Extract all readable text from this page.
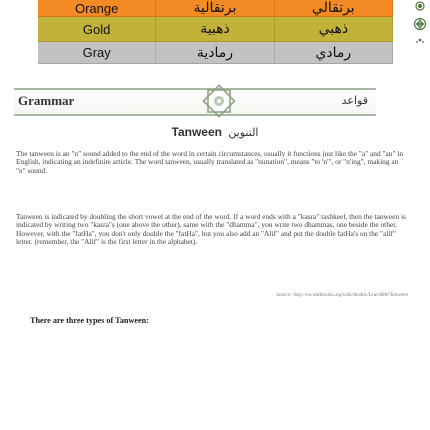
Orange	برتقالية	برتقالي
Gold	ذهبية	ذهبي
Gray	رمادية	رمادي
Grammar	قواعد
Tanween التنوين
The tanween is an "n" sound added to the end of the word in certain circumstances, usually it functions just like the "a" and "an" in English, indicating an indefinite article. The word tanween, usually translated as "nunation", means "to 'n'", or "n'ing", making an "n" sound.
Tanween is indicated by doubling the short vowel at the end of the word. If a word ends with a "kasra" tashkeel, then the tanween is indicated by writing two "kasra"s (one above the other), same with the "dhamma", you write two dhammas, one beside the other. However, with the "fatHa", you don't only double the "fatHa", but you also add an "Alif" and put the double fatHa's on the "alif" letter. (remember, the "Alif" is the first letter in the alphabet).
Source: http://en.wikibooks.org/wiki/Arabic/LearnRW/Tanween
There are three types of Tanween:
